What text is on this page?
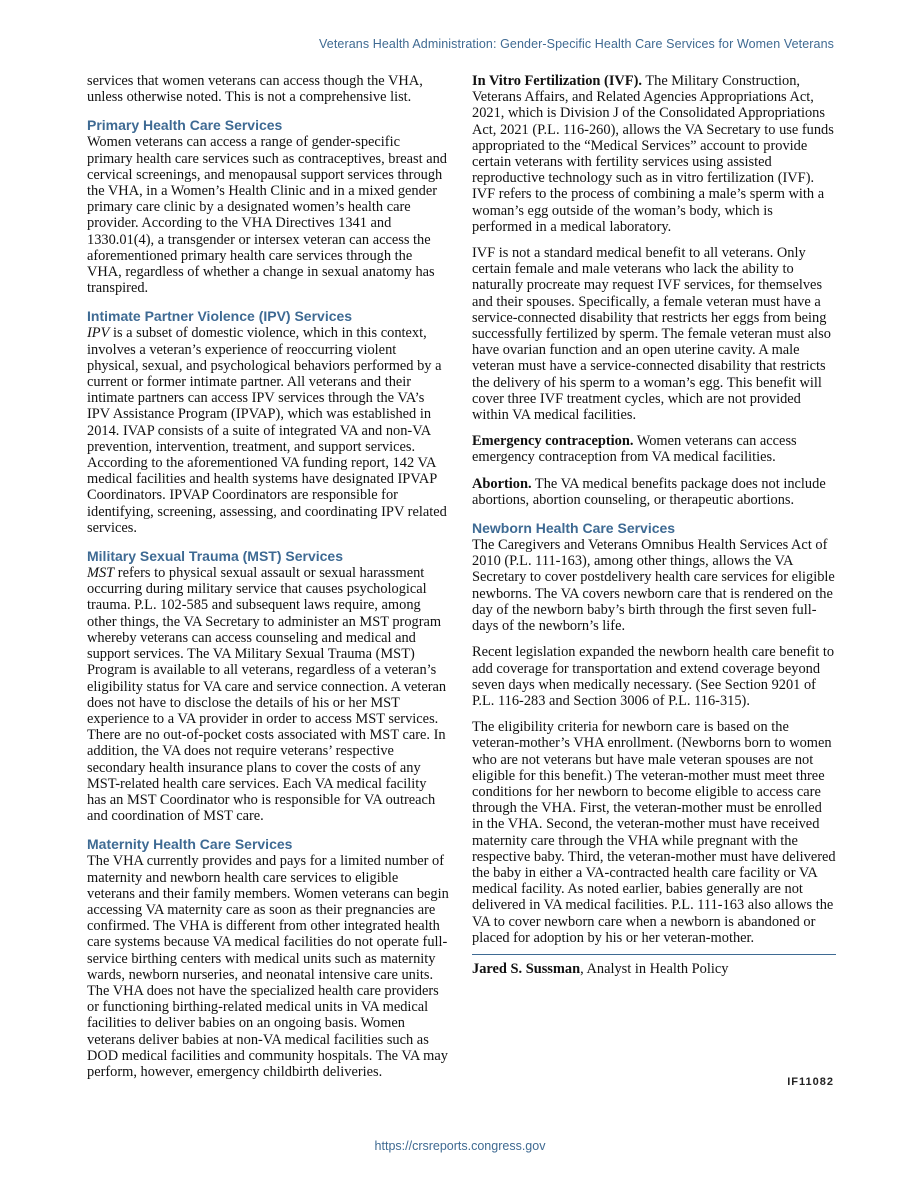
Veterans Health Administration: Gender-Specific Health Care Services for Women Veterans

services that women veterans can access though the VHA, unless otherwise noted. This is not a comprehensive list.

Primary Health Care Services

Women veterans can access a range of gender-specific primary health care services such as contraceptives, breast and cervical screenings, and menopausal support services through the VHA, in a Women’s Health Clinic and in a mixed gender primary care clinic by a designated women’s health care provider. According to the VHA Directives 1341 and 1330.01(4), a transgender or intersex veteran can access the aforementioned primary health care services through the VHA, regardless of whether a change in sexual anatomy has transpired.

Intimate Partner Violence (IPV) Services

IPV is a subset of domestic violence, which in this context, involves a veteran’s experience of reoccurring violent physical, sexual, and psychological behaviors performed by a current or former intimate partner. All veterans and their intimate partners can access IPV services through the VA’s IPV Assistance Program (IPVAP), which was established in 2014. IVAP consists of a suite of integrated VA and non-VA prevention, intervention, treatment, and support services. According to the aforementioned VA funding report, 142 VA medical facilities and health systems have designated IPVAP Coordinators. IPVAP Coordinators are responsible for identifying, screening, assessing, and coordinating IPV related services.

Military Sexual Trauma (MST) Services

MST refers to physical sexual assault or sexual harassment occurring during military service that causes psychological trauma. P.L. 102-585 and subsequent laws require, among other things, the VA Secretary to administer an MST program whereby veterans can access counseling and medical and support services. The VA Military Sexual Trauma (MST) Program is available to all veterans, regardless of a veteran’s eligibility status for VA care and service connection. A veteran does not have to disclose the details of his or her MST experience to a VA provider in order to access MST services. There are no out-of-pocket costs associated with MST care. In addition, the VA does not require veterans’ respective secondary health insurance plans to cover the costs of any MST-related health care services. Each VA medical facility has an MST Coordinator who is responsible for VA outreach and coordination of MST care.

Maternity Health Care Services

The VHA currently provides and pays for a limited number of maternity and newborn health care services to eligible veterans and their family members. Women veterans can begin accessing VA maternity care as soon as their pregnancies are confirmed. The VHA is different from other integrated health care systems because VA medical facilities do not operate full-service birthing centers with medical units such as maternity wards, newborn nurseries, and neonatal intensive care units. The VHA does not have the specialized health care providers or functioning birthing-related medical units in VA medical facilities to deliver babies on an ongoing basis. Women veterans deliver babies at non-VA medical facilities such as DOD medical facilities and community hospitals. The VA may perform, however, emergency childbirth deliveries.

In Vitro Fertilization (IVF). The Military Construction, Veterans Affairs, and Related Agencies Appropriations Act, 2021, which is Division J of the Consolidated Appropriations Act, 2021 (P.L. 116-260), allows the VA Secretary to use funds appropriated to the “Medical Services” account to provide certain veterans with fertility services using assisted reproductive technology such as in vitro fertilization (IVF). IVF refers to the process of combining a male’s sperm with a woman’s egg outside of the woman’s body, which is performed in a medical laboratory.

IVF is not a standard medical benefit to all veterans. Only certain female and male veterans who lack the ability to naturally procreate may request IVF services, for themselves and their spouses. Specifically, a female veteran must have a service-connected disability that restricts her eggs from being successfully fertilized by sperm. The female veteran must also have ovarian function and an open uterine cavity. A male veteran must have a service-connected disability that restricts the delivery of his sperm to a woman’s egg. This benefit will cover three IVF treatment cycles, which are not provided within VA medical facilities.

Emergency contraception. Women veterans can access emergency contraception from VA medical facilities.

Abortion. The VA medical benefits package does not include abortions, abortion counseling, or therapeutic abortions.

Newborn Health Care Services

The Caregivers and Veterans Omnibus Health Services Act of 2010 (P.L. 111-163), among other things, allows the VA Secretary to cover postdelivery health care services for eligible newborns. The VA covers newborn care that is rendered on the day of the newborn baby’s birth through the first seven full-days of the newborn’s life.

Recent legislation expanded the newborn health care benefit to add coverage for transportation and extend coverage beyond seven days when medically necessary. (See Section 9201 of P.L. 116-283 and Section 3006 of P.L. 116-315).

The eligibility criteria for newborn care is based on the veteran-mother’s VHA enrollment. (Newborns born to women who are not veterans but have male veteran spouses are not eligible for this benefit.) The veteran-mother must meet three conditions for her newborn to become eligible to access care through the VHA. First, the veteran-mother must be enrolled in the VHA. Second, the veteran-mother must have received maternity care through the VHA while pregnant with the respective baby. Third, the veteran-mother must have delivered the baby in either a VA-contracted health care facility or VA medical facility. As noted earlier, babies generally are not delivered in VA medical facilities. P.L. 111-163 also allows the VA to cover newborn care when a newborn is abandoned or placed for adoption by his or her veteran-mother.

Jared S. Sussman, Analyst in Health Policy
IF11082
https://crsreports.congress.gov
